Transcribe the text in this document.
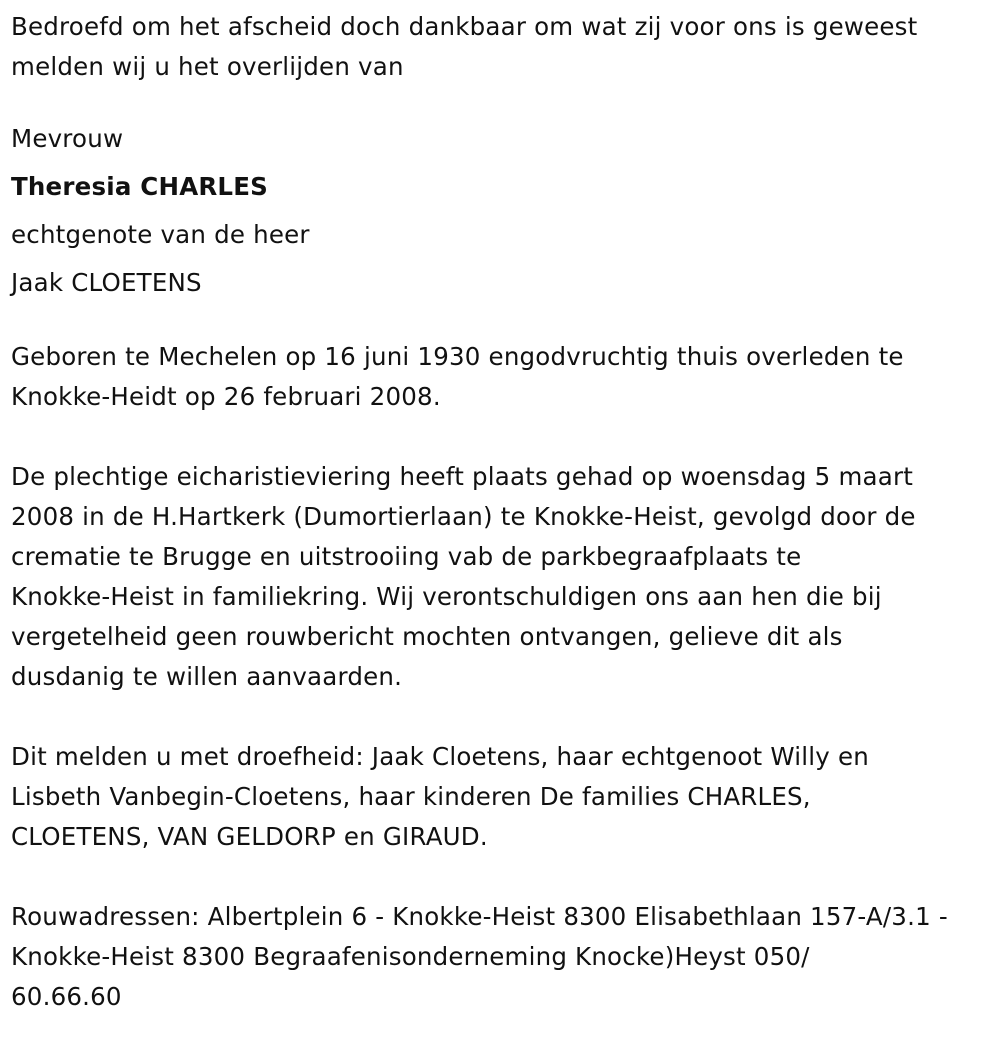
Bedroefd om het afscheid doch dankbaar om wat zij voor ons is geweest
melden wij u het overlijden van

Mevrouw
Theresia CHARLES
echtgenote van de heer
Jaak CLOETENS

Geboren te Mechelen op 16 juni 1930 engodvruchtig thuis overleden te
Knokke-Heidt op 26 februari 2008.

De plechtige eicharistieviering heeft plaats gehad op woensdag 5 maart
2008 in de H.Hartkerk (Dumortierlaan) te Knokke-Heist, gevolgd door de
crematie te Brugge en uitstrooiing vab de parkbegraafplaats te
Knokke-Heist in familiekring. Wij verontschuldigen ons aan hen die bij
vergetelheid geen rouwbericht mochten ontvangen, gelieve dit als
dusdanig te willen aanvaarden.

Dit melden u met droefheid: Jaak Cloetens, haar echtgenoot Willy en
Lisbeth Vanbegin-Cloetens, haar kinderen De families CHARLES,
CLOETENS, VAN GELDORP en GIRAUD.

Rouwadressen: Albertplein 6 - Knokke-Heist 8300 Elisabethlaan 157-A/3.1 -
Knokke-Heist 8300 Begraafenisonderneming Knocke)Heyst 050/
60.66.60
